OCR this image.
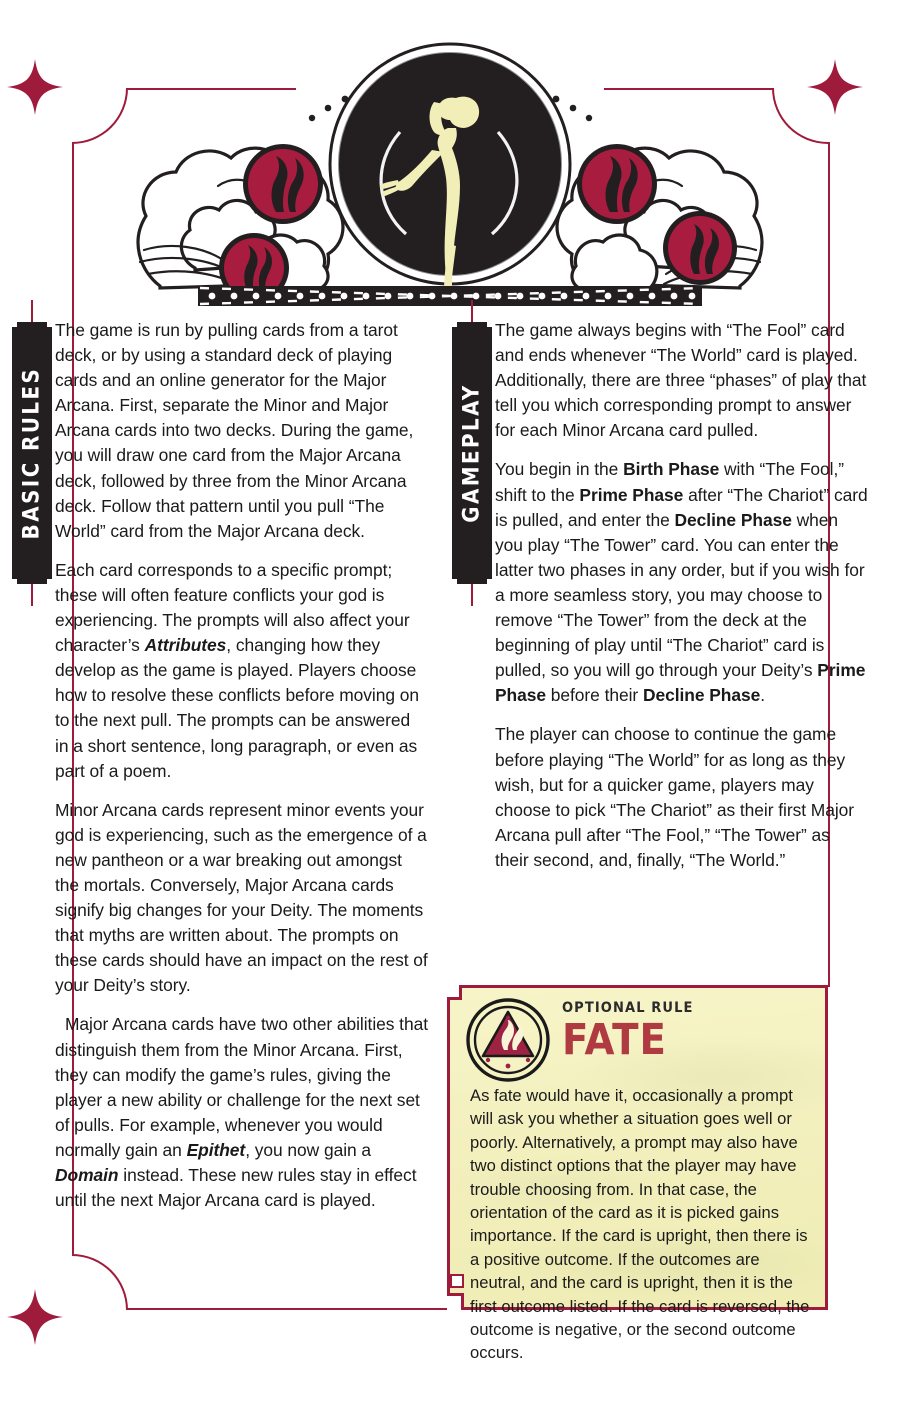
BASIC RULES	GAMEPLAY

The game is run by pulling cards from a tarot deck, or by using a standard deck of playing cards and an online generator for the Major Arcana. First, separate the Minor and Major Arcana cards into two decks. During the game, you will draw one card from the Major Arcana deck, followed by three from the Minor Arcana deck. Follow that pattern until you pull “The World” card from the Major Arcana deck.

Each card corresponds to a specific prompt; these will often feature conflicts your god is experiencing. The prompts will also affect your character’s Attributes, changing how they develop as the game is played. Players choose how to resolve these conflicts before moving on to the next pull. The prompts can be answered in a short sentence, long paragraph, or even as part of a poem.

Minor Arcana cards represent minor events your god is experiencing, such as the emergence of a new pantheon or a war breaking out amongst the mortals. Conversely, Major Arcana cards signify big changes for your Deity. The moments that myths are written about. The prompts on these cards should have an impact on the rest of your Deity’s story.

Major Arcana cards have two other abilities that distinguish them from the Minor Arcana. First, they can modify the game’s rules, giving the player a new ability or challenge for the next set of pulls. For example, whenever you would normally gain an Epithet, you now gain a Domain instead. These new rules stay in effect until the next Major Arcana card is played.

The game always begins with “The Fool” card and ends whenever “The World” card is played. Additionally, there are three “phases” of play that tell you which corresponding prompt to answer for each Minor Arcana card pulled.

You begin in the Birth Phase with “The Fool,” shift to the Prime Phase after “The Chariot” card is pulled, and enter the Decline Phase when you play “The Tower” card. You can enter the latter two phases in any order, but if you wish for a more seamless story, you may choose to remove “The Tower” from the deck at the beginning of play until “The Chariot” card is pulled, so you will go through your Deity’s Prime Phase before their Decline Phase.

The player can choose to continue the game before playing “The World” for as long as they wish, but for a quicker game, players may choose to pick “The Chariot” as their first Major Arcana pull after “The Fool,” “The Tower” as their second, and, finally, “The World.”

OPTIONAL RULE
FATE

As fate would have it, occasionally a prompt will ask you whether a situation goes well or poorly. Alternatively, a prompt may also have two distinct options that the player may have trouble choosing from. In that case, the orientation of the card as it is picked gains importance. If the card is upright, then there is a positive outcome. If the outcomes are neutral, and the card is upright, then it is the first outcome listed. If the card is reversed, the outcome is negative, or the second outcome occurs.
